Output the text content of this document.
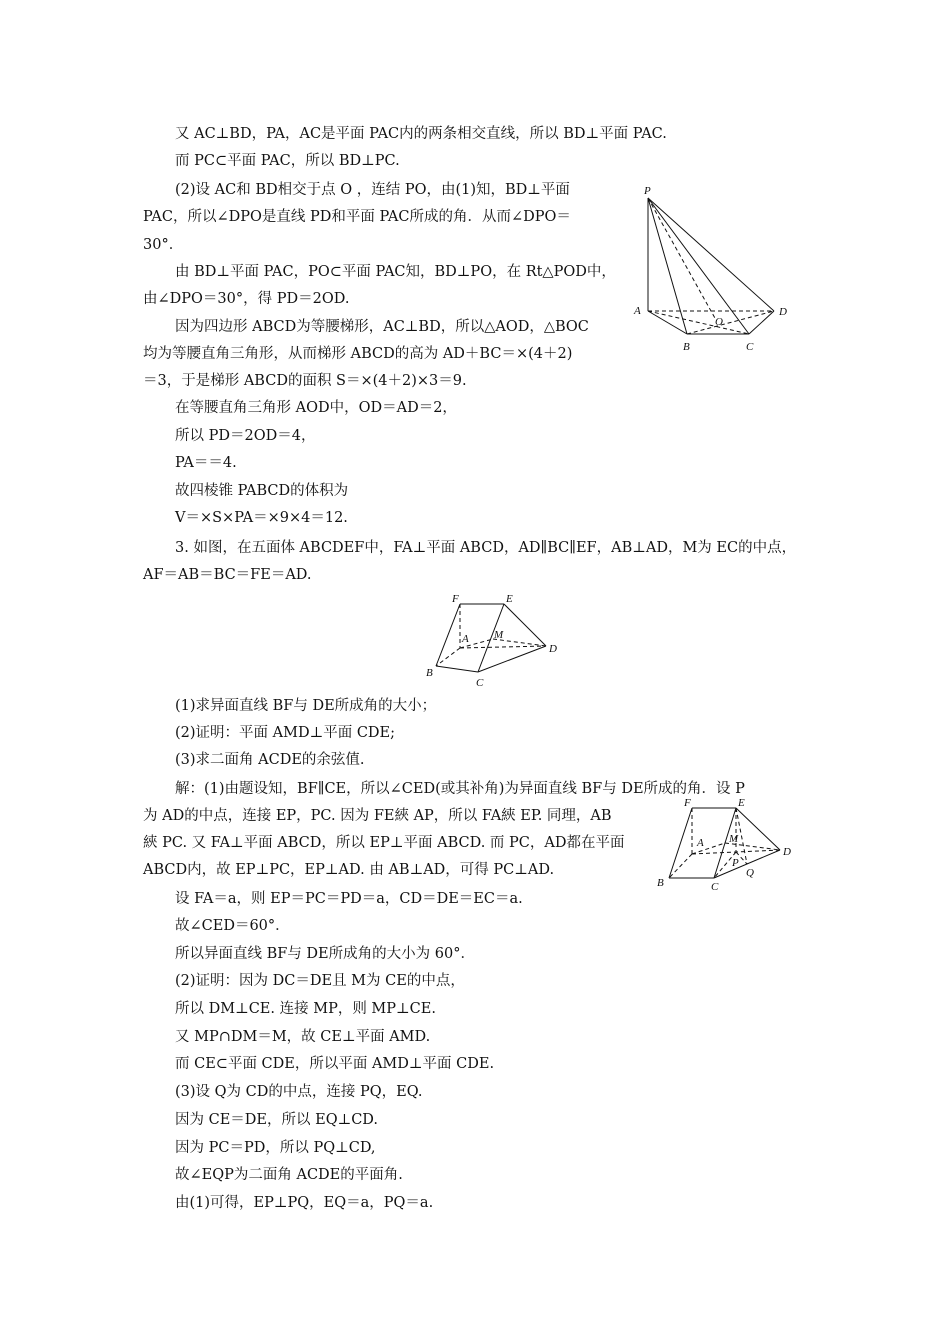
又 AC⊥BD，PA，AC是平面 PAC内的两条相交直线，所以 BD⊥平面 PAC.
而 PC⊂平面 PAC，所以 BD⊥PC.
(2)设 AC和 BD相交于点 O ，连结 PO，由(1)知，BD⊥平面
PAC，所以∠DPO是直线 PD和平面 PAC所成的角．从而∠DPO＝
30°．
由 BD⊥平面 PAC，PO⊂平面 PAC知，BD⊥PO，在 Rt△POD中，
由∠DPO＝30°，得 PD＝2OD.
因为四边形 ABCD为等腰梯形，AC⊥BD，所以△AOD，△BOC
均为等腰直角三角形，从而梯形 ABCD的高为 AD＋BC＝×(4＋2)
＝3，于是梯形 ABCD的面积 S＝×(4＋2)×3＝9.
在等腰直角三角形 AOD中，OD＝AD＝2，
所以 PD＝2OD＝4，
PA＝＝4.
故四棱锥 PABCD的体积为
V＝×S×PA＝×9×4＝12.
3. 如图，在五面体 ABCDEF中，FA⊥平面 ABCD，AD∥BC∥EF，AB⊥AD，M为 EC的中点，
AF＝AB＝BC＝FE＝AD.
(1)求异面直线 BF与 DE所成角的大小；
(2)证明：平面 AMD⊥平面 CDE;
(3)求二面角 ACDE的余弦值.
解：(1)由题设知，BF∥CE，所以∠CED(或其补角)为异面直线 BF与 DE所成的角．设 P
为 AD的中点，连接 EP，PC. 因为 FE綊 AP，所以 FA綊 EP. 同理，AB
綊 PC. 又 FA⊥平面 ABCD，所以 EP⊥平面 ABCD. 而 PC，AD都在平面
ABCD内，故 EP⊥PC，EP⊥AD. 由 AB⊥AD，可得 PC⊥AD.
设 FA＝a，则 EP＝PC＝PD＝a，CD＝DE＝EC＝a.
故∠CED＝60°．
所以异面直线 BF与 DE所成角的大小为 60°．
(2)证明：因为 DC＝DE且 M为 CE的中点，
所以 DM⊥CE. 连接 MP，则 MP⊥CE.
又 MP∩DM＝M，故 CE⊥平面 AMD.
而 CE⊂平面 CDE，所以平面 AMD⊥平面 CDE.
(3)设 Q为 CD的中点，连接 PQ，EQ.
因为 CE＝DE，所以 EQ⊥CD.
因为 PC＝PD，所以 PQ⊥CD,
故∠EQP为二面角 ACDE的平面角.
由(1)可得，EP⊥PQ，EQ＝a，PQ＝a.
P
A
B	C
D
O
F	E
A M
D
B
C
F	E
A M
P
D
Q
B	C
